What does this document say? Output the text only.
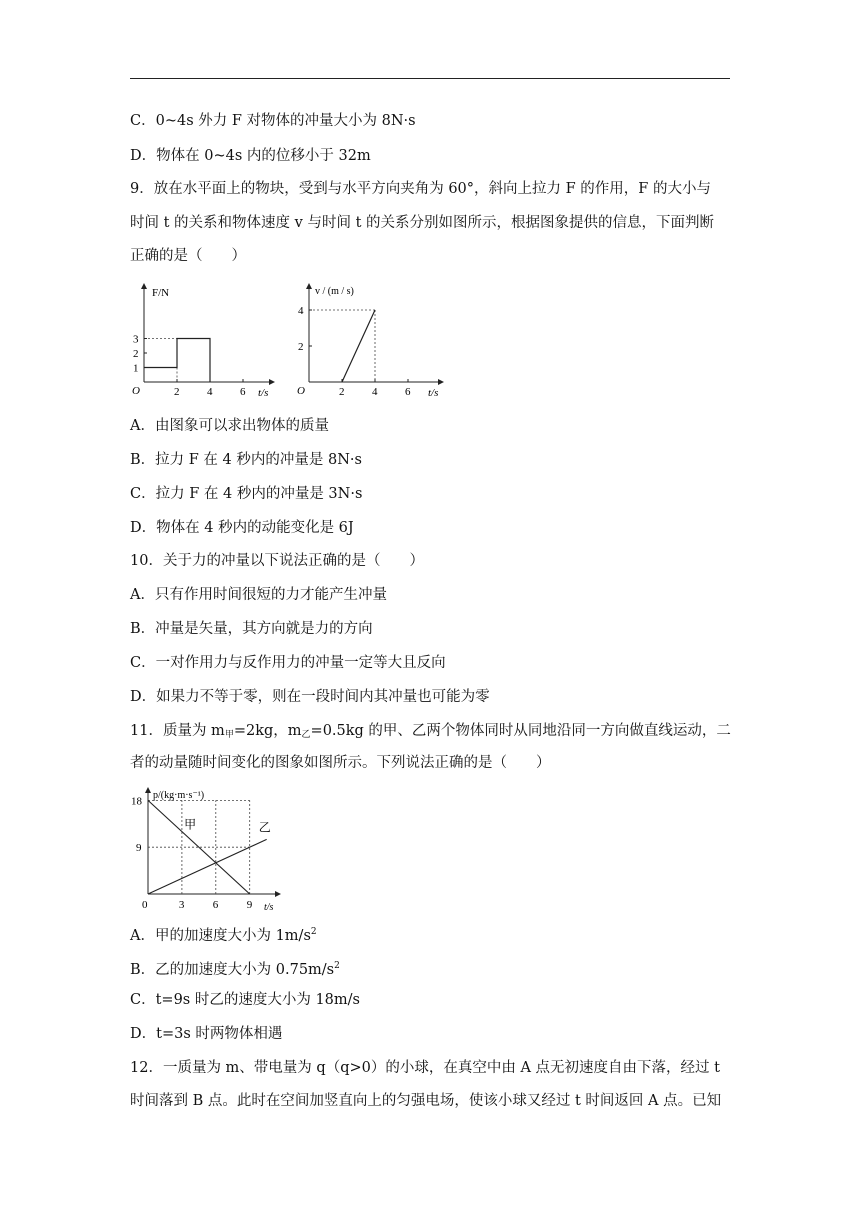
C．0~4s 外力 F 对物体的冲量大小为 8N·s
D．物体在 0~4s 内的位移小于 32m
9．放在水平面上的物块，受到与水平方向夹角为 60°，斜向上拉力 F 的作用，F 的大小与
时间 t 的关系和物体速度 v 与时间 t 的关系分别如图所示，根据图象提供的信息，下面判断
正确的是（　　）
2	4	6
1
2
3
O
F/N
t/s	2	4	6
2
4
O
v / (m / s)
t/s
A．由图象可以求出物体的质量
B．拉力 F 在 4 秒内的冲量是 8N·s
C．拉力 F 在 4 秒内的冲量是 3N·s
D．物体在 4 秒内的动能变化是 6J
10．关于力的冲量以下说法正确的是（　　）
A．只有作用时间很短的力才能产生冲量
B．冲量是矢量，其方向就是力的方向
C．一对作用力与反作用力的冲量一定等大且反向
D．如果力不等于零，则在一段时间内其冲量也可能为零
11．质量为 $m_甲=2kg$，$m_乙=0.5kg$ 的甲、乙两个物体同时从同地沿同一方向做直线运动，二
者的动量随时间变化的图象如图所示。下列说法正确的是（　　）
3	6	9
9
18
甲	乙
0
p/(kg·m·s⁻¹)
t/s
A．甲的加速度大小为 $1m/s^2$
B．乙的加速度大小为 $0.75m/s^2$
C．t=9s 时乙的速度大小为 18m/s
D．t=3s 时两物体相遇
12．一质量为 m、带电量为 q（q>0）的小球，在真空中由 A 点无初速度自由下落，经过 t
时间落到 B 点。此时在空间加竖直向上的匀强电场，使该小球又经过 t 时间返回 A 点。已知
